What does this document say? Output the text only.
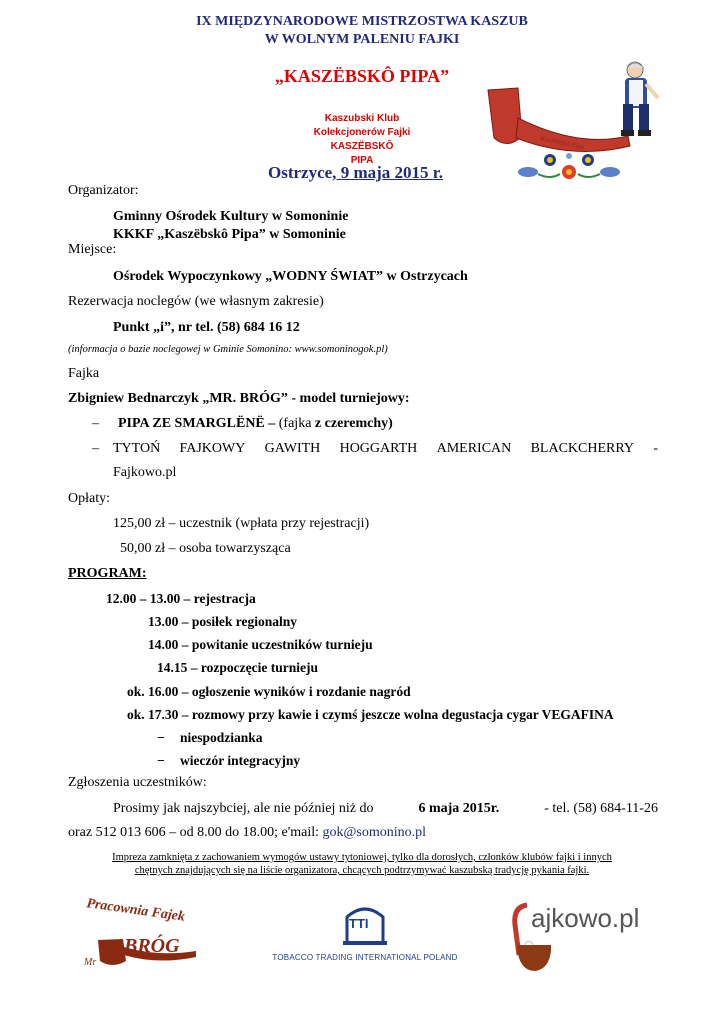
IX MIĘDZYNARODOWE MISTRZOSTWA KASZUB
W WOLNYM PALENIU FAJKI
„KASZËBSKÔ PIPA”
Kaszubski Klub
Kolekcjonerów Fajki
KASZËBSKÔ
PIPA
Ostrzyce, 9 maja 2015 r.
Kaszëbskô Pipa
Organizator:
Gminny Ośrodek Kultury w Somoninie
KKKF „Kaszëbskô Pipa” w Somoninie
Miejsce:
Ośrodek Wypoczynkowy „WODNY ŚWIAT” w Ostrzycach
Rezerwacja noclegów (we własnym zakresie)
Punkt „i”, nr tel. (58) 684 16 12
(informacja o bazie noclegowej w Gminie Somonino: www.somoninogok.pl)
Fajka
Zbigniew Bednarczyk „MR. BRÓG” - model turniejowy:
– PIPA ZE SMARGLËNË – (fajka z czeremchy)
– TYTOŃ FAJKOWY GAWITH HOGGARTH AMERICAN BLACKCHERRY -
Fajkowo.pl
Opłaty:
125,00 zł – uczestnik (wpłata przy rejestracji)
50,00 zł – osoba towarzysząca
PROGRAM:
12.00 – 13.00 – rejestracja
13.00 – posiłek regionalny
14.00 – powitanie uczestników turnieju
14.15 – rozpoczęcie turnieju
ok. 16.00 – ogłoszenie wyników i rozdanie nagród
ok. 17.30 – rozmowy przy kawie i czymś jeszcze wolna degustacja cygar VEGAFINA
− niespodzianka
− wieczór integracyjny
Zgłoszenia uczestników:
Prosimy jak najszybciej, ale nie później niż do	6 maja 2015r.	- tel. (58) 684-11-26
oraz 512 013 606 – od 8.00 do 18.00; e'mail: gok@somonino.pl
Impreza zamknięta z zachowaniem wymogów ustawy tytoniowej, tylko dla dorosłych, członków klubów fajki i innych
chętnych znajdujących się na liście organizatora, chcących podtrzymywać kaszubską tradycję pykania fajki.
Pracownia Fajek
BRÓG
Mr
TTI
TOBACCO TRADING INTERNATIONAL POLAND
ajkowo.pl
